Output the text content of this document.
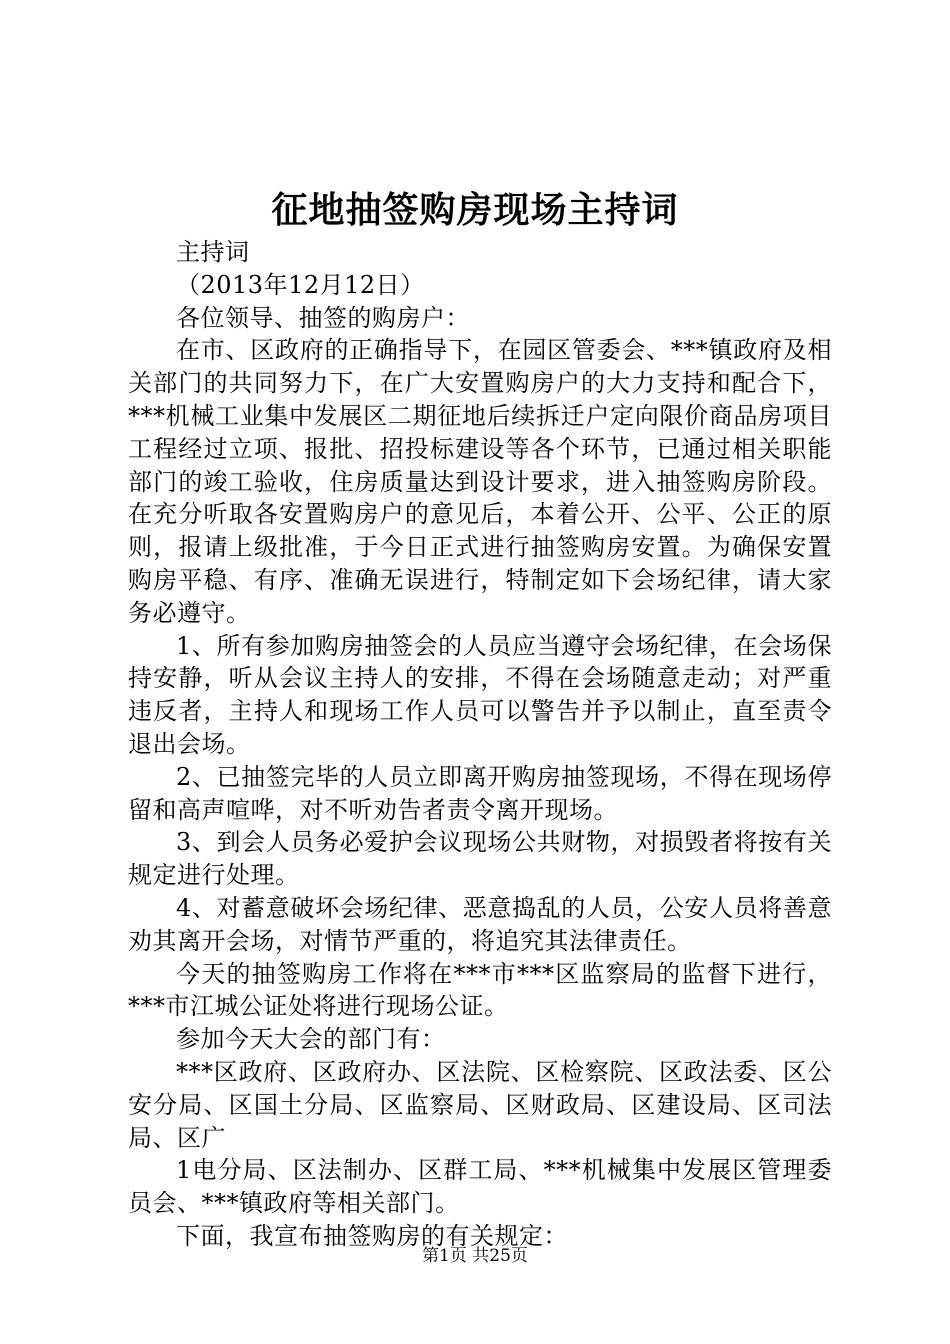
征地抽签购房现场主持词

主持词

（2013年12月12日）

各位领导、抽签的购房户：

在市、区政府的正确指导下，在园区管委会、***镇政府及相关部门的共同努力下，在广大安置购房户的大力支持和配合下，***机械工业集中发展区二期征地后续拆迁户定向限价商品房项目工程经过立项、报批、招投标建设等各个环节，已通过相关职能部门的竣工验收，住房质量达到设计要求，进入抽签购房阶段。在充分听取各安置购房户的意见后，本着公开、公平、公正的原则，报请上级批准，于今日正式进行抽签购房安置。为确保安置购房平稳、有序、准确无误进行，特制定如下会场纪律，请大家务必遵守。

1、所有参加购房抽签会的人员应当遵守会场纪律，在会场保持安静，听从会议主持人的安排，不得在会场随意走动；对严重违反者，主持人和现场工作人员可以警告并予以制止，直至责令退出会场。

2、已抽签完毕的人员立即离开购房抽签现场，不得在现场停留和高声喧哗，对不听劝告者责令离开现场。

3、到会人员务必爱护会议现场公共财物，对损毁者将按有关规定进行处理。

4、对蓄意破坏会场纪律、恶意捣乱的人员，公安人员将善意劝其离开会场，对情节严重的，将追究其法律责任。

今天的抽签购房工作将在***市***区监察局的监督下进行，***市江城公证处将进行现场公证。

参加今天大会的部门有：

***区政府、区政府办、区法院、区检察院、区政法委、区公安分局、区国土分局、区监察局、区财政局、区建设局、区司法局、区广

1电分局、区法制办、区群工局、***机械集中发展区管理委员会、***镇政府等相关部门。

下面，我宣布抽签购房的有关规定：

第1页 共25页
